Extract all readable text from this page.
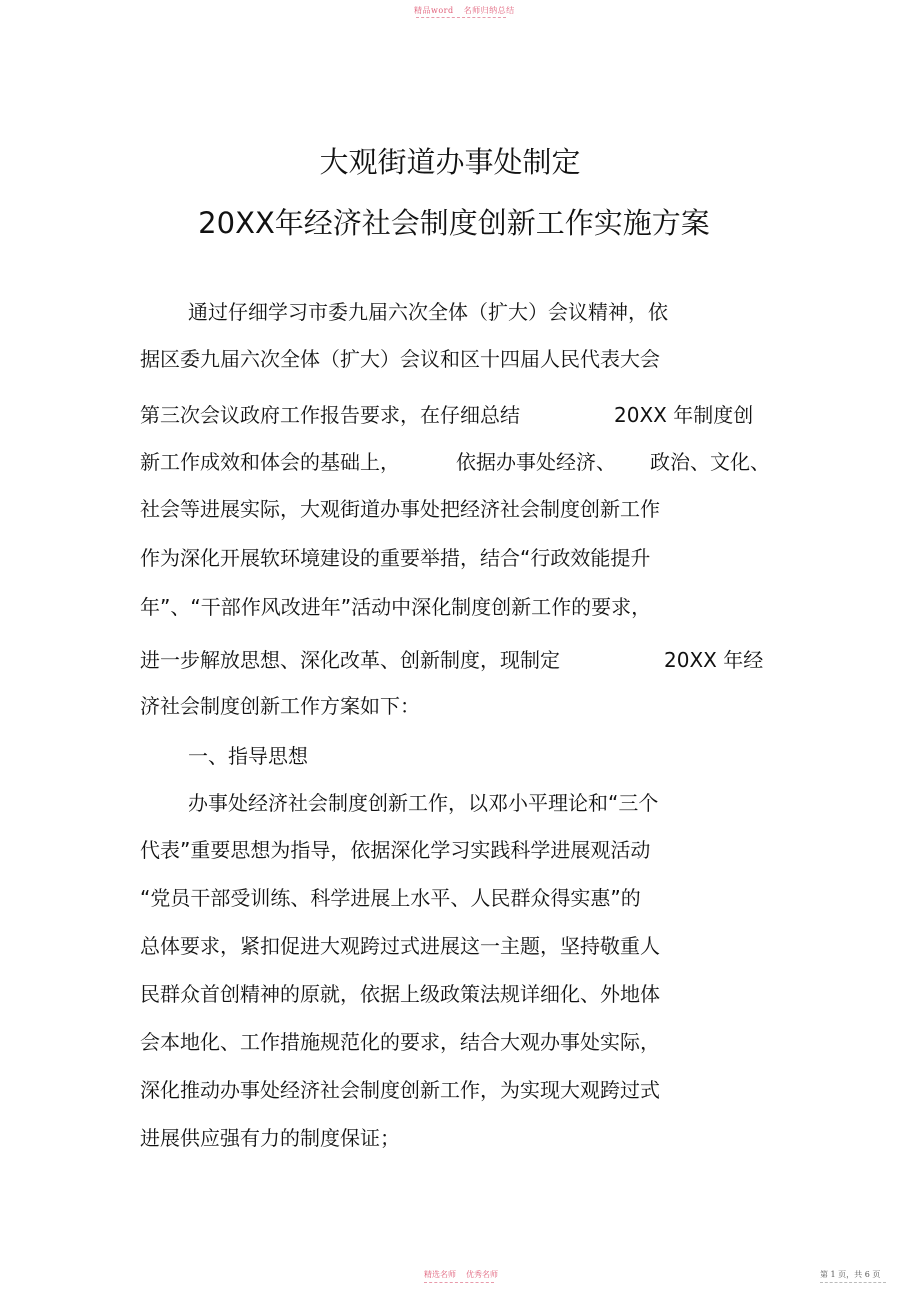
精品word 名师归纳总结
大观街道办事处制定
20XX年经济社会制度创新工作实施方案
通过仔细学习市委九届六次全体（扩大）会议精神，依
据区委九届六次全体（扩大）会议和区十四届人民代表大会
第三次会议政府工作报告要求，在仔细总结	20XX 年制度创
新工作成效和体会的基础上，	依据办事处经济、 政治、文化、
社会等进展实际，大观街道办事处把经济社会制度创新工作
作为深化开展软环境建设的重要举措，结合“行政效能提升
年”、“干部作风改进年”活动中深化制度创新工作的要求，
进一步解放思想、深化改革、创新制度，现制定	20XX 年经
济社会制度创新工作方案如下：
一、指导思想
办事处经济社会制度创新工作，以邓小平理论和“三个
代表”重要思想为指导，依据深化学习实践科学进展观活动
“党员干部受训练、科学进展上水平、人民群众得实惠”的
总体要求，紧扣促进大观跨过式进展这一主题，坚持敬重人
民群众首创精神的原就，依据上级政策法规详细化、外地体
会本地化、工作措施规范化的要求，结合大观办事处实际，
深化推动办事处经济社会制度创新工作，为实现大观跨过式
进展供应强有力的制度保证；
精选名师 优秀名师	第 1 页，共 6 页
